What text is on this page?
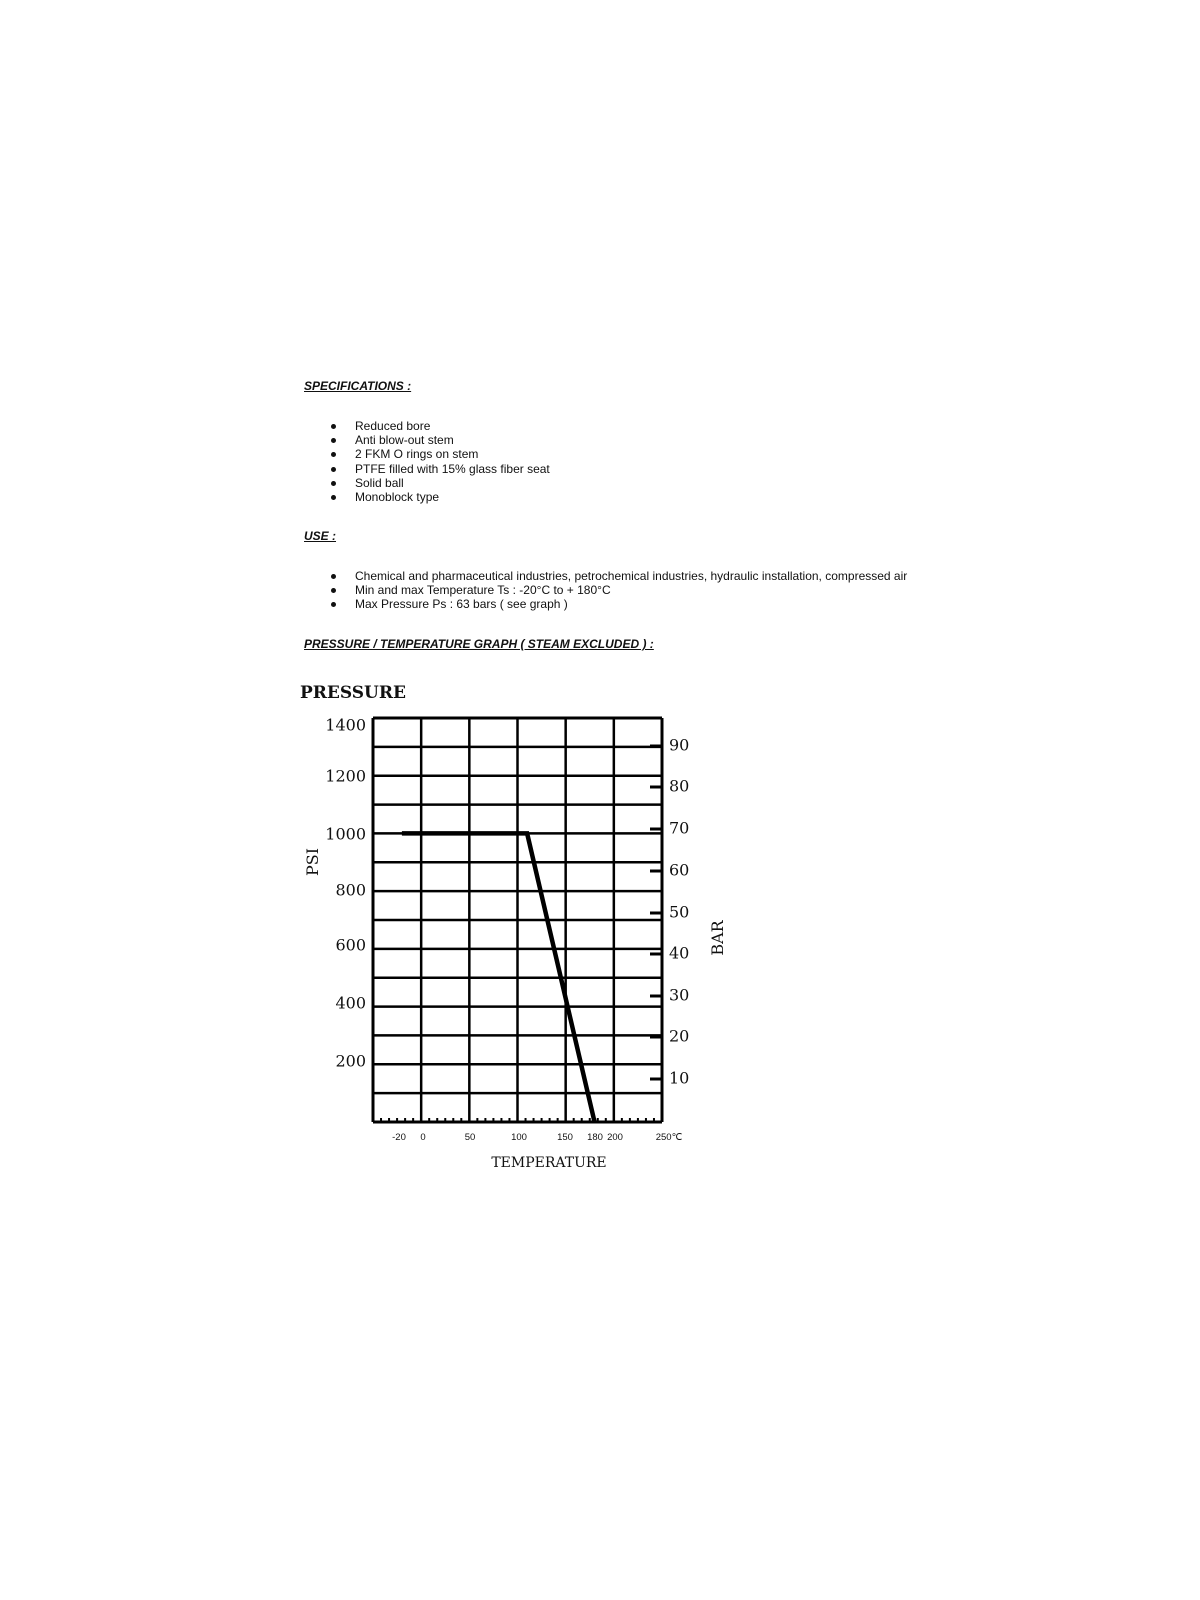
SPECIFICATIONS :
Reduced bore
Anti blow-out stem
2 FKM O rings on stem
PTFE filled with 15% glass fiber seat
Solid ball
Monoblock type
USE :
Chemical and pharmaceutical industries, petrochemical industries, hydraulic installation, compressed air
Min and max Temperature Ts : -20°C to + 180°C
Max Pressure Ps : 63 bars ( see graph )
PRESSURE / TEMPERATURE GRAPH ( STEAM EXCLUDED ) :
PRESSURE
1400
1200
1000
800
600
400
200
90
80
70
60
50
40
30
20
10
-20 0	50	100	150 180 200	250℃
PSI
BAR
TEMPERATURE
